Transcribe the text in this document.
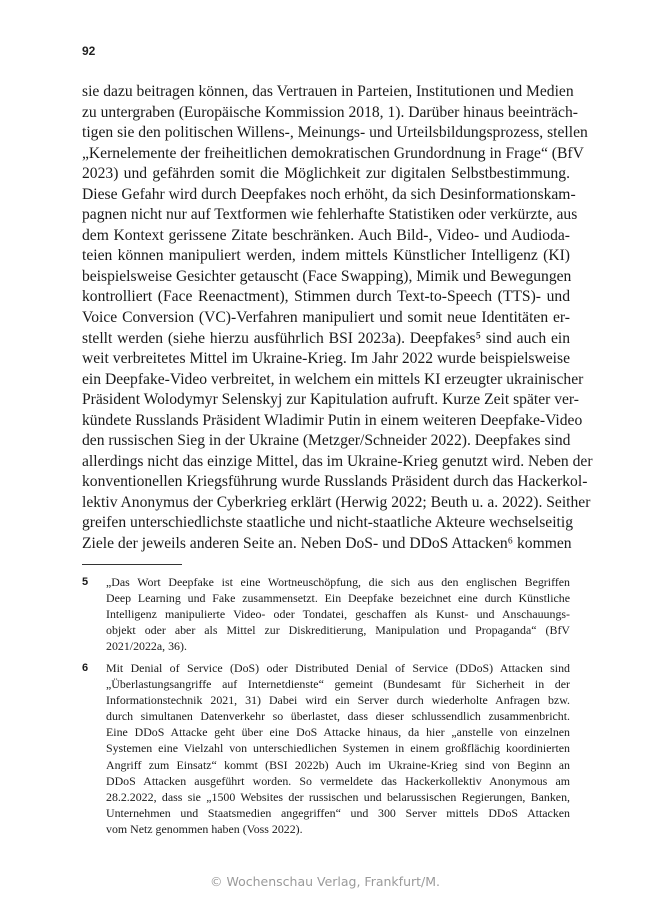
92
sie dazu beitragen können, das Vertrauen in Parteien, Institutionen und Medien
zu untergraben (Europäische Kommission 2018, 1). Darüber hinaus beeinträch-
tigen sie den politischen Willens-, Meinungs- und Urteilsbildungsprozess, stellen
„Kernelemente der freiheitlichen demokratischen Grundordnung in Frage“ (BfV
2023) und gefährden somit die Möglichkeit zur digitalen Selbstbestimmung.
Diese Gefahr wird durch Deepfakes noch erhöht, da sich Desinformationskam-
pagnen nicht nur auf Textformen wie fehlerhafte Statistiken oder verkürzte, aus
dem Kontext gerissene Zitate beschränken. Auch Bild-, Video- und Audioda-
teien können manipuliert werden, indem mittels Künstlicher Intelligenz (KI)
beispielsweise Gesichter getauscht (Face Swapping), Mimik und Bewegungen
kontrolliert (Face Reenactment), Stimmen durch Text-to-Speech (TTS)- und
Voice Conversion (VC)-Verfahren manipuliert und somit neue Identitäten er-
stellt werden (siehe hierzu ausführlich BSI 2023a). Deepfakes⁵ sind auch ein
weit verbreitetes Mittel im Ukraine-Krieg. Im Jahr 2022 wurde beispielsweise
ein Deepfake-Video verbreitet, in welchem ein mittels KI erzeugter ukrainischer
Präsident Wolodymyr Selenskyj zur Kapitulation aufruft. Kurze Zeit später ver-
kündete Russlands Präsident Wladimir Putin in einem weiteren Deepfake-Video
den russischen Sieg in der Ukraine (Metzger/Schneider 2022). Deepfakes sind
allerdings nicht das einzige Mittel, das im Ukraine-Krieg genutzt wird. Neben der
konventionellen Kriegsführung wurde Russlands Präsident durch das Hackerkol-
lektiv Anonymus der Cyberkrieg erklärt (Herwig 2022; Beuth u. a. 2022). Seither
greifen unterschiedlichste staatliche und nicht-staatliche Akteure wechselseitig
Ziele der jeweils anderen Seite an. Neben DoS- und DDoS Attacken⁶ kommen
5 „Das Wort Deepfake ist eine Wortneuschöpfung, die sich aus den englischen Begriffen
Deep Learning und Fake zusammensetzt. Ein Deepfake bezeichnet eine durch Künstliche
Intelligenz manipulierte Video- oder Tondatei, geschaffen als Kunst- und Anschauungs-
objekt oder aber als Mittel zur Diskreditierung, Manipulation und Propaganda“ (BfV
2021/2022a, 36).
6 Mit Denial of Service (DoS) oder Distributed Denial of Service (DDoS) Attacken sind
„Überlastungsangriffe auf Internetdienste“ gemeint (Bundesamt für Sicherheit in der
Informationstechnik 2021, 31) Dabei wird ein Server durch wiederholte Anfragen bzw.
durch simultanen Datenverkehr so überlastet, dass dieser schlussendlich zusammenbricht.
Eine DDoS Attacke geht über eine DoS Attacke hinaus, da hier „anstelle von einzelnen
Systemen eine Vielzahl von unterschiedlichen Systemen in einem großflächig koordinierten
Angriff zum Einsatz“ kommt (BSI 2022b) Auch im Ukraine-Krieg sind von Beginn an
DDoS Attacken ausgeführt worden. So vermeldete das Hackerkollektiv Anonymous am
28.2.2022, dass sie „1500 Websites der russischen und belarussischen Regierungen, Banken,
Unternehmen und Staatsmedien angegriffen“ und 300 Server mittels DDoS Attacken
vom Netz genommen haben (Voss 2022).
© Wochenschau Verlag, Frankfurt/M.
